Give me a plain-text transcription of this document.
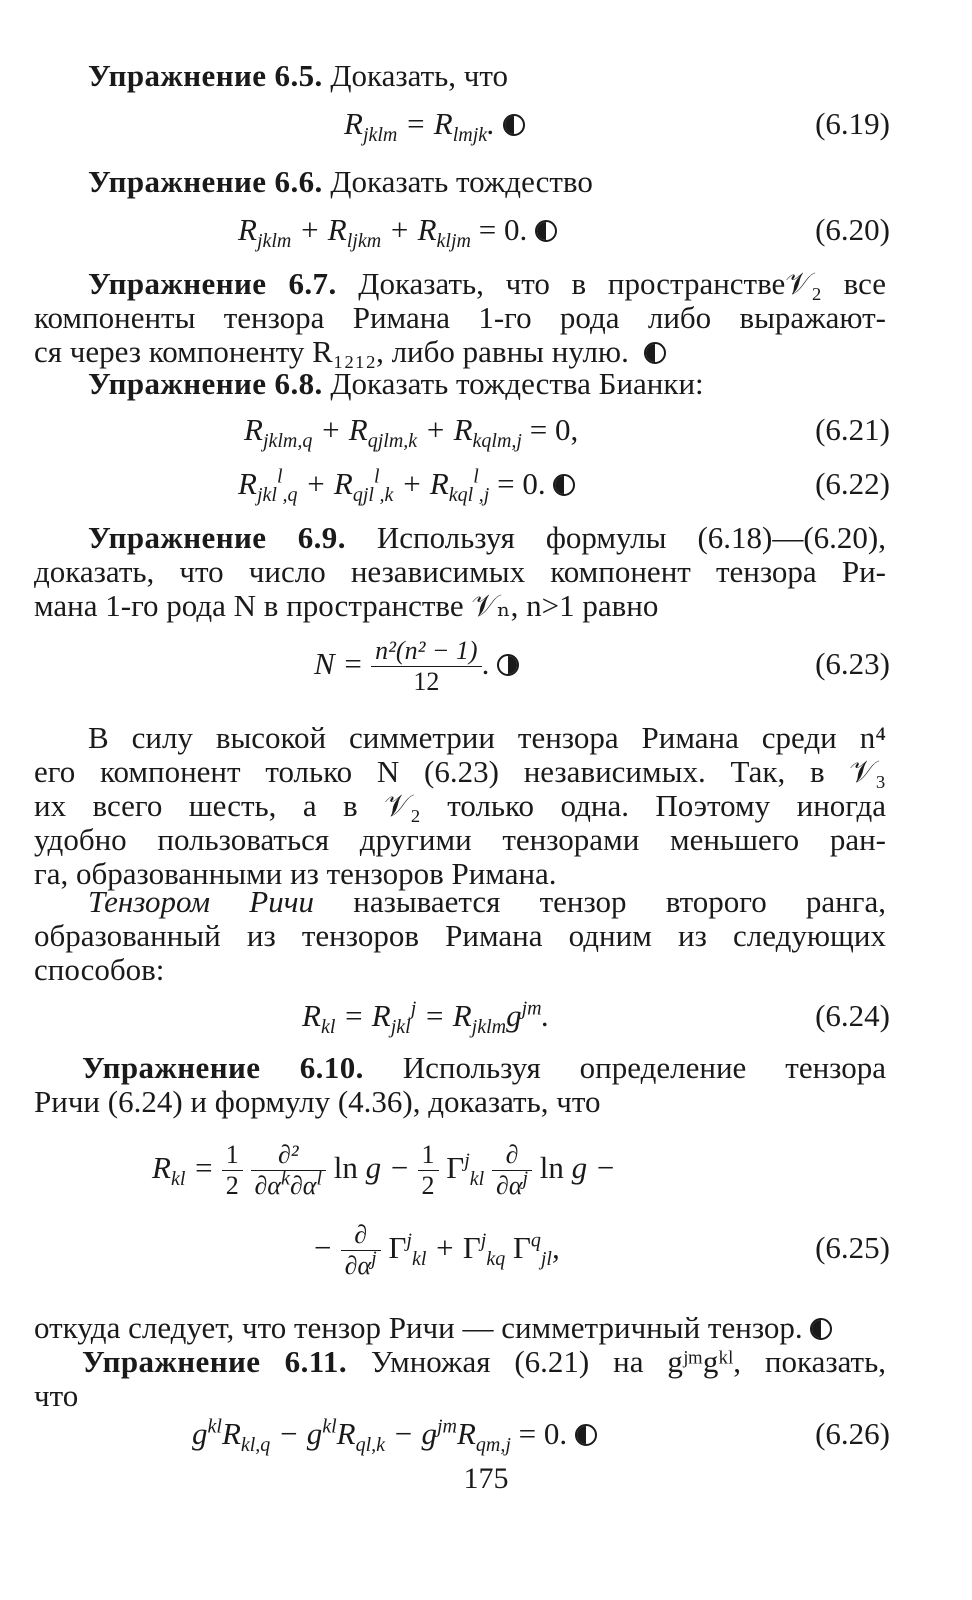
Упражнение 6.5. Доказать, что
$R_{jklm} = R_{lmjk}$.	(6.19)
Упражнение 6.6. Доказать тождество
$R_{jklm} + R_{ljkm} + R_{kljm} = 0$.	(6.20)
Упражнение 6.7. Доказать, что в пространстве𝒱₂ все
компоненты тензора Римана 1-го рода либо выражают-
ся через компоненту R₁₂₁₂, либо равны нулю.
Упражнение 6.8. Доказать тождества Бианки:
$R_{jklm,q} + R_{qjlm,k} + R_{kqlm,j} = 0$,	(6.21)
$R_{jkl}^l_{,q} + R_{qjl}^l_{,k} + R_{kql}^l_{,j} = 0$.	(6.22)
Упражнение 6.9. Используя формулы (6.18)—(6.20),
доказать, что число независимых компонент тензора Ри-
мана 1-го рода N в пространстве 𝒱ₙ, n>1 равно
$N = \frac{\text{n²(n² − 1)}}{12}$ .	(6.23)
В силу высокой симметрии тензора Римана среди n⁴
его компонент только N (6.23) независимых. Так, в 𝒱₃
их всего шесть, а в 𝒱₂ только одна. Поэтому иногда
удобно пользоваться другими тензорами меньшего ран-
га, образованными из тензоров Римана.
Тензором Ричи называется тензор второго ранга,
образованный из тензоров Римана одним из следующих
способов:
$R_{kl} = R_{jkl}^j = R_{jklm}g^{jm}$.	(6.24)
Упражнение 6.10. Используя определение тензора
Ричи (6.24) и формулу (4.36), доказать, что
$R_{kl} = \frac{1}{2}$
$\frac{\text{∂²}}{\partial\alpha^k\partial\alpha^l}$ $\ln g - \frac{1}{2} \Gamma^j_{kl} \frac{\partial}{\partial\alpha^j}$ ln g −
− $\frac{\partial}{\partial\alpha^j} \Gamma^j_{kl} + \Gamma^j_{kq}$ $\Gamma^q_{jl}$,	(6.25)
откуда следует, что тензор Ричи — симметричный тензор.
Упражнение 6.11. Умножая (6.21) на gʲᵐgᵏˡ, показать,
что
$g^{kl}R_{kl,q} - g^{kl}R_{ql,k} - g^{jm}R_{qm,j} = 0$.	(6.26)
175
